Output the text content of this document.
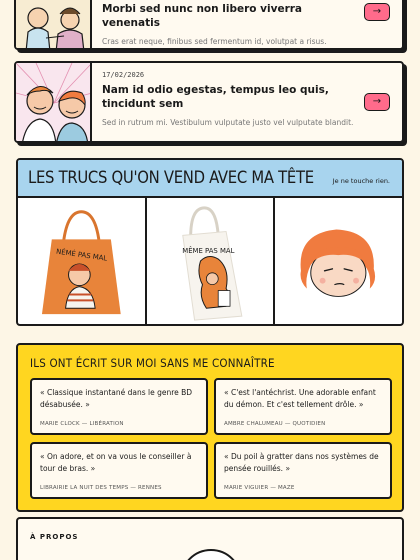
Morbi sed nunc non libero viverra venenatis
Cras erat neque, finibus sed fermentum id, volutpat a risus.
→
17/02/2026
Nam id odio egestas, tempus leo quis, tincidunt sem
Sed in rutrum mi. Vestibulum vulputate justo vel vulputate blandit.
→
LES TRUCS QU'ON VEND AVEC MA TÊTE	Je ne touche rien.
NÉMÉ PAS MAL	MÊME PAS MAL
ILS ONT ÉCRIT SUR MOI SANS ME CONNAÎTRE
« Classique instantané dans le genre BD désabusée. »
MARIE CLOCK — LIBÉRATION
« C'est l'antéchrist. Une adorable enfant du démon. Et c'est tellement drôle. »
AMBRE CHALUMEAU — QUOTIDIEN
« On adore, et on va vous le conseiller à tour de bras. »
LIBRAIRIE LA NUIT DES TEMPS — RENNES
« Du poil à gratter dans nos systèmes de pensée rouillés. »
MARIE VIGUIER — MAZE
À PROPOS
